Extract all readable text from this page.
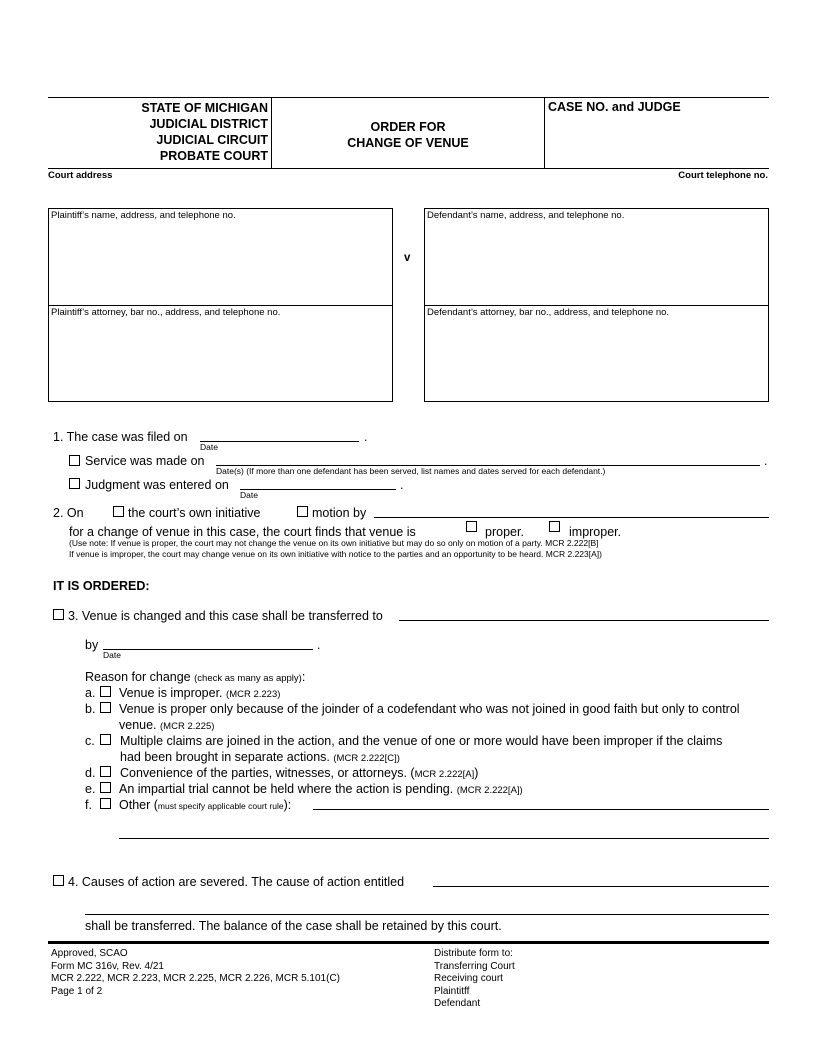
STATE OF MICHIGAN
JUDICIAL DISTRICT
JUDICIAL CIRCUIT
PROBATE COURT
ORDER FOR
CHANGE OF VENUE
CASE NO. and JUDGE
Court address	Court telephone no.
Plaintiff’s name, address, and telephone no.
Plaintiff’s attorney, bar no., address, and telephone no.
v
Defendant’s name, address, and telephone no.
Defendant’s attorney, bar no., address, and telephone no.
1. The case was filed on	.
Date
Service was made on	.
Date(s) (If more than one defendant has been served, list names and dates served for each defendant.)
Judgment was entered on	.
Date
2. On	the court’s own initiative	motion by
for a change of venue in this case, the court finds that venue is	proper.	improper.
(Use note: If venue is proper, the court may not change the venue on its own initiative but may do so only on motion of a party. MCR 2.222[B]
If venue is improper, the court may change venue on its own initiative with notice to the parties and an opportunity to be heard. MCR 2.223[A])
IT IS ORDERED:
3. Venue is changed and this case shall be transferred to
by	.
Date
Reason for change (check as many as apply):
a. Venue is improper. (MCR 2.223)
b. Venue is proper only because of the joinder of a codefendant who was not joined in good faith but only to control
venue. (MCR 2.225)
c. Multiple claims are joined in the action, and the venue of one or more would have been improper if the claims
had been brought in separate actions. (MCR 2.222[C])
d. Convenience of the parties, witnesses, or attorneys. (MCR 2.222[A])
e. An impartial trial cannot be held where the action is pending. (MCR 2.222[A])
f. Other (must specify applicable court rule):
4. Causes of action are severed. The cause of action entitled
shall be transferred. The balance of the case shall be retained by this court.
Approved, SCAO
Form MC 316v, Rev. 4/21
MCR 2.222, MCR 2.223, MCR 2.225, MCR 2.226, MCR 5.101(C)
Page 1 of 2
Distribute form to:
Transferring Court
Receiving court
Plaintitff
Defendant
